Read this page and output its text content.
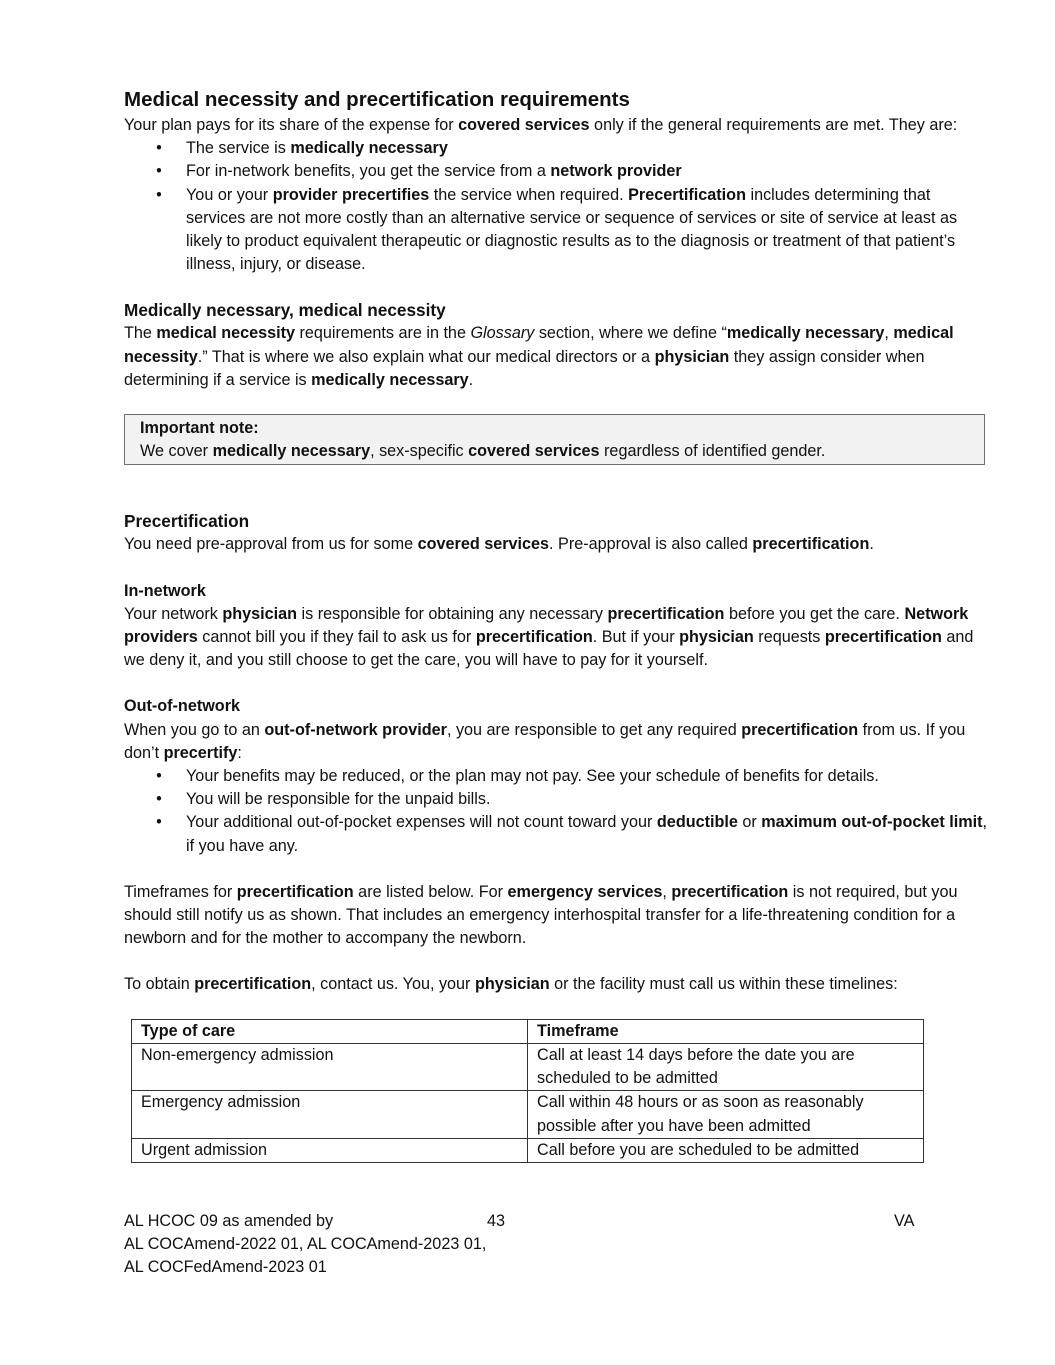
Medical necessity and precertification requirements

Your plan pays for its share of the expense for covered services only if the general requirements are met. They are:

• The service is medically necessary
• For in-network benefits, you get the service from a network provider
• You or your provider precertifies the service when required. Precertification includes determining that services are not more costly than an alternative service or sequence of services or site of service at least as likely to product equivalent therapeutic or diagnostic results as to the diagnosis or treatment of that patient’s illness, injury, or disease.
Medically necessary, medical necessity

The medical necessity requirements are in the Glossary section, where we define “medically necessary, medical necessity.” That is where we also explain what our medical directors or a physician they assign consider when determining if a service is medically necessary.

Important note:
We cover medically necessary, sex-specific covered services regardless of identified gender.
Precertification

You need pre-approval from us for some covered services. Pre-approval is also called precertification.

In-network

Your network physician is responsible for obtaining any necessary precertification before you get the care. Network providers cannot bill you if they fail to ask us for precertification. But if your physician requests precertification and we deny it, and you still choose to get the care, you will have to pay for it yourself.

Out-of-network

When you go to an out-of-network provider, you are responsible to get any required precertification from us. If you don’t precertify:

• Your benefits may be reduced, or the plan may not pay. See your schedule of benefits for details.
• You will be responsible for the unpaid bills.
• Your additional out-of-pocket expenses will not count toward your deductible or maximum out-of-pocket limit, if you have any.

Timeframes for precertification are listed below. For emergency services, precertification is not required, but you should still notify us as shown. That includes an emergency interhospital transfer for a life-threatening condition for a newborn and for the mother to accompany the newborn.

To obtain precertification, contact us. You, your physician or the facility must call us within these timelines:

Type of care	Timeframe
Non-emergency admission	Call at least 14 days before the date you are scheduled to be admitted
Emergency admission	Call within 48 hours or as soon as reasonably possible after you have been admitted
Urgent admission	Call before you are scheduled to be admitted
AL HCOC 09 as amended by
AL COCAmend-2022 01, AL COCAmend-2023 01,
AL COCFedAmend-2023 01
43	VA
